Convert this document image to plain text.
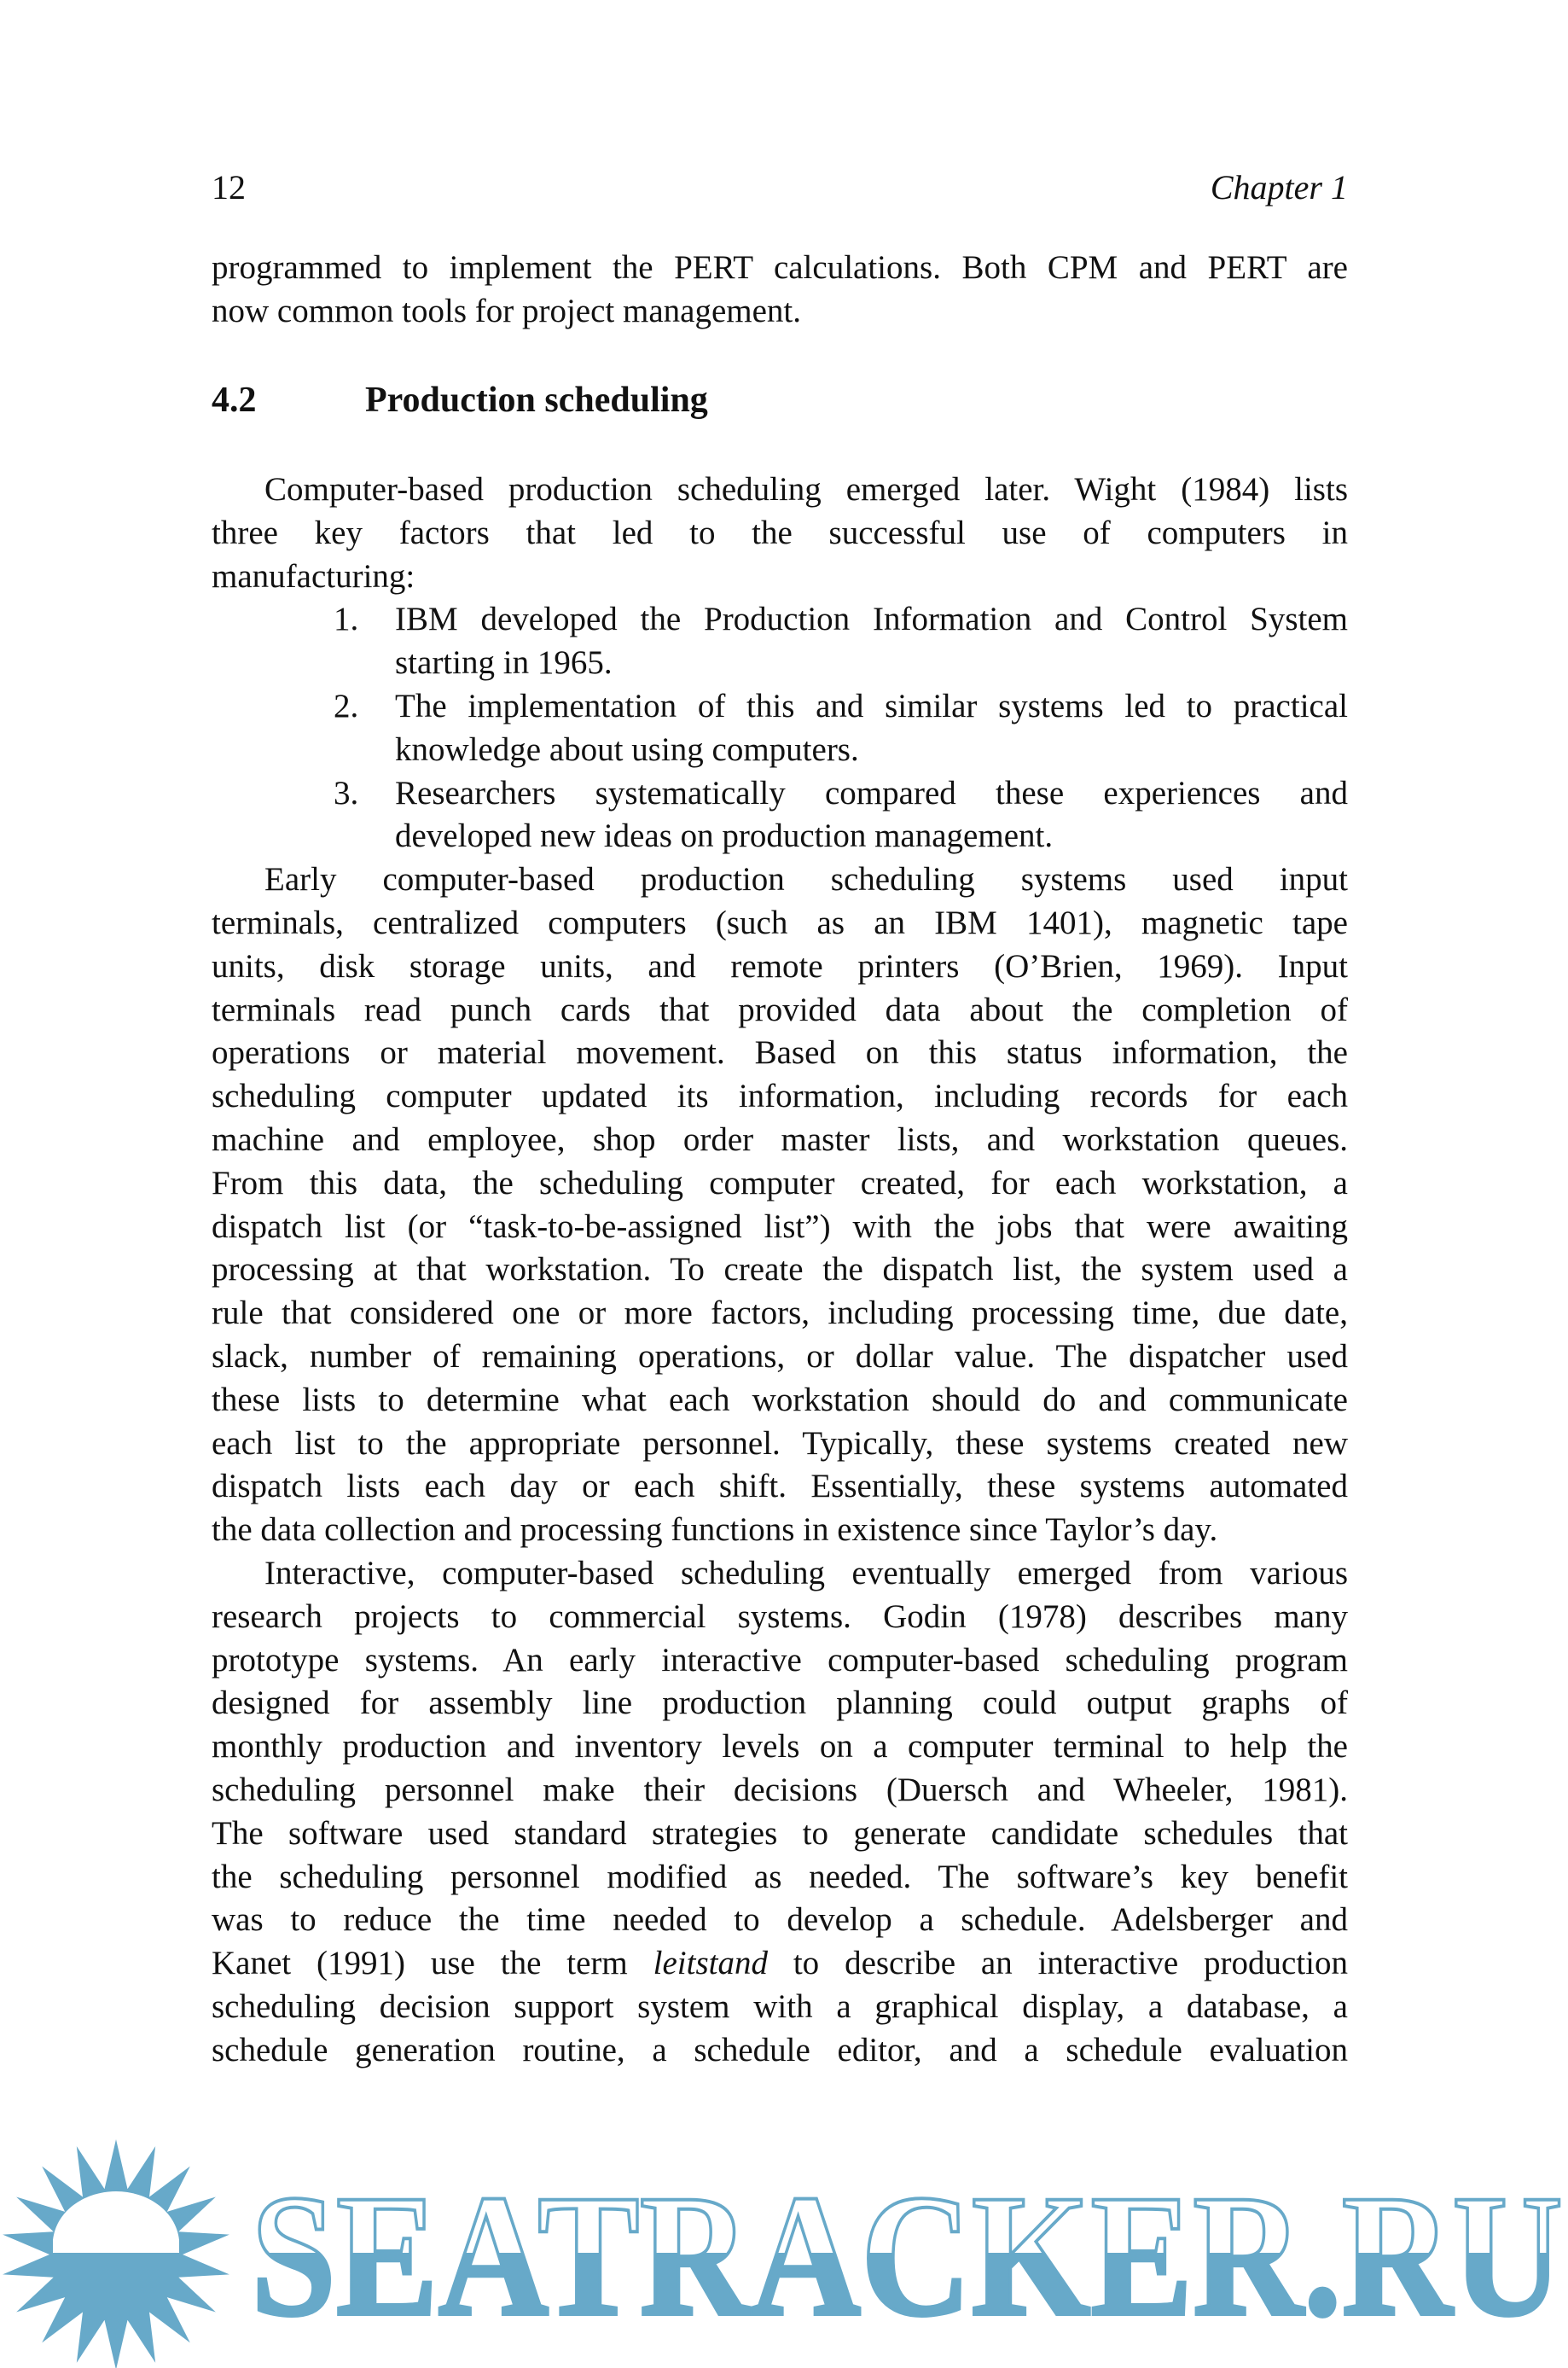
12	Chapter 1
programmed to implement the PERT calculations. Both CPM and PERT are
now common tools for project management.
4.2	Production scheduling
Computer-based production scheduling emerged later. Wight (1984) lists
three key factors that led to the successful use of computers in
manufacturing:
1. IBM developed the Production Information and Control System
starting in 1965.
2. The implementation of this and similar systems led to practical
knowledge about using computers.
3. Researchers systematically compared these experiences and
developed new ideas on production management.
Early computer-based production scheduling systems used input
terminals, centralized computers (such as an IBM 1401), magnetic tape
units, disk storage units, and remote printers (O’Brien, 1969). Input
terminals read punch cards that provided data about the completion of
operations or material movement. Based on this status information, the
scheduling computer updated its information, including records for each
machine and employee, shop order master lists, and workstation queues.
From this data, the scheduling computer created, for each workstation, a
dispatch list (or “task-to-be-assigned list”) with the jobs that were awaiting
processing at that workstation. To create the dispatch list, the system used a
rule that considered one or more factors, including processing time, due date,
slack, number of remaining operations, or dollar value. The dispatcher used
these lists to determine what each workstation should do and communicate
each list to the appropriate personnel. Typically, these systems created new
dispatch lists each day or each shift. Essentially, these systems automated
the data collection and processing functions in existence since Taylor’s day.
Interactive, computer-based scheduling eventually emerged from various
research projects to commercial systems. Godin (1978) describes many
prototype systems. An early interactive computer-based scheduling program
designed for assembly line production planning could output graphs of
monthly production and inventory levels on a computer terminal to help the
scheduling personnel make their decisions (Duersch and Wheeler, 1981).
The software used standard strategies to generate candidate schedules that
the scheduling personnel modified as needed. The software’s key benefit
was to reduce the time needed to develop a schedule. Adelsberger and
Kanet (1991) use the term leitstand to describe an interactive production
scheduling decision support system with a graphical display, a database, a
schedule generation routine, a schedule editor, and a schedule evaluation
SEATRACKER.RU
